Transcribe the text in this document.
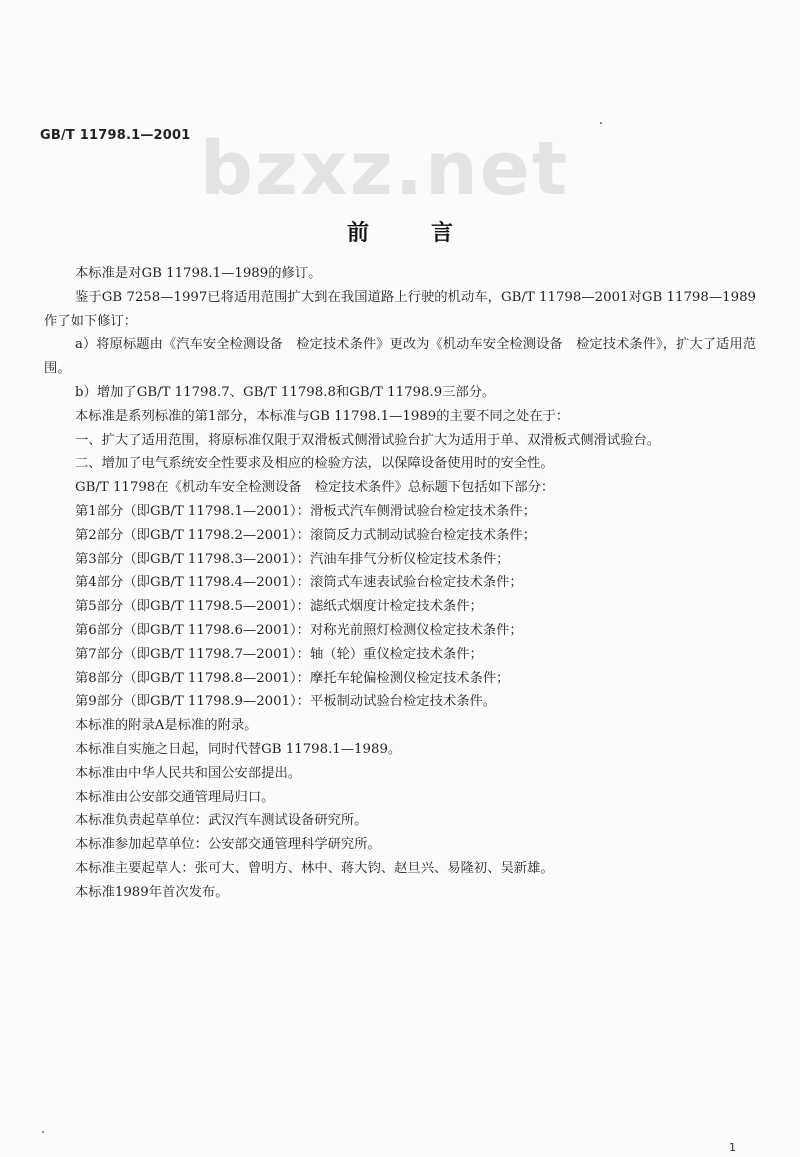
GB/T 11798.1—2001 bzxz.net
前言

本标准是对GB 11798.1—1989的修订。

鉴于GB 7258—1997已将适用范围扩大到在我国道路上行驶的机动车，GB/T 11798—2001对GB 11798—1989作了如下修订：

a）将原标题由《汽车安全检测设备　检定技术条件》更改为《机动车安全检测设备　检定技术条件》，扩大了适用范围。

b）增加了GB/T 11798.7、GB/T 11798.8和GB/T 11798.9三部分。

本标准是系列标准的第1部分，本标准与GB 11798.1—1989的主要不同之处在于：

一、扩大了适用范围，将原标准仅限于双滑板式侧滑试验台扩大为适用于单、双滑板式侧滑试验台。

二、增加了电气系统安全性要求及相应的检验方法，以保障设备使用时的安全性。

GB/T 11798在《机动车安全检测设备　检定技术条件》总标题下包括如下部分：

第1部分（即GB/T 11798.1—2001）：滑板式汽车侧滑试验台检定技术条件；

第2部分（即GB/T 11798.2—2001）：滚筒反力式制动试验台检定技术条件；

第3部分（即GB/T 11798.3—2001）：汽油车排气分析仪检定技术条件；

第4部分（即GB/T 11798.4—2001）：滚筒式车速表试验台检定技术条件；

第5部分（即GB/T 11798.5—2001）：滤纸式烟度计检定技术条件；

第6部分（即GB/T 11798.6—2001）：对称光前照灯检测仪检定技术条件；

第7部分（即GB/T 11798.7—2001）：轴（轮）重仪检定技术条件；

第8部分（即GB/T 11798.8—2001）：摩托车轮偏检测仪检定技术条件；

第9部分（即GB/T 11798.9—2001）：平板制动试验台检定技术条件。

本标准的附录A是标准的附录。

本标准自实施之日起，同时代替GB 11798.1—1989。

本标准由中华人民共和国公安部提出。

本标准由公安部交通管理局归口。

本标准负责起草单位：武汉汽车测试设备研究所。

本标准参加起草单位：公安部交通管理科学研究所。

本标准主要起草人：张可大、曾明方、林中、蒋大钧、赵旦兴、易隆初、吴新雄。

本标准1989年首次发布。

1
